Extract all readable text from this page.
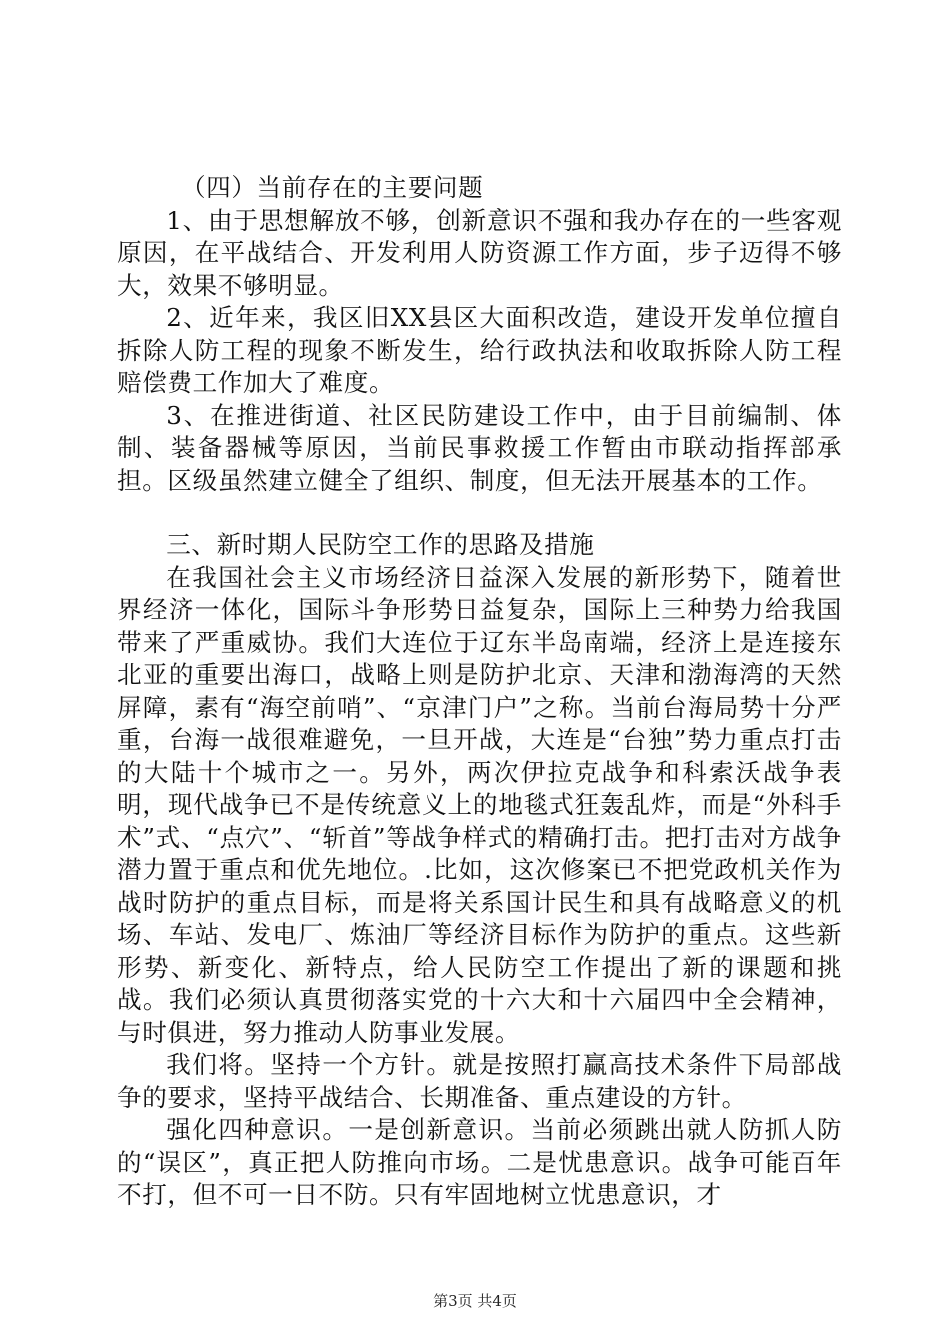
（四）当前存在的主要问题

1、由于思想解放不够，创新意识不强和我办存在的一些客观原因，在平战结合、开发利用人防资源工作方面，步子迈得不够大，效果不够明显。

2、近年来，我区旧XX县区大面积改造，建设开发单位擅自拆除人防工程的现象不断发生，给行政执法和收取拆除人防工程赔偿费工作加大了难度。

3、在推进街道、社区民防建设工作中，由于目前编制、体制、装备器械等原因，当前民事救援工作暂由市联动指挥部承担。区级虽然建立健全了组织、制度，但无法开展基本的工作。

三、新时期人民防空工作的思路及措施

在我国社会主义市场经济日益深入发展的新形势下，随着世界经济一体化，国际斗争形势日益复杂，国际上三种势力给我国带来了严重威协。我们大连位于辽东半岛南端，经济上是连接东北亚的重要出海口，战略上则是防护北京、天津和渤海湾的天然屏障，素有“海空前哨”、“京津门户”之称。当前台海局势十分严重，台海一战很难避免，一旦开战，大连是“台独”势力重点打击的大陆十个城市之一。另外，两次伊拉克战争和科索沃战争表明，现代战争已不是传统意义上的地毯式狂轰乱炸，而是“外科手术”式、“点穴”、“斩首”等战争样式的精确打击。把打击对方战争潜力置于重点和优先地位。.比如，这次修案已不把党政机关作为战时防护的重点目标，而是将关系国计民生和具有战略意义的机场、车站、发电厂、炼油厂等经济目标作为防护的重点。这些新形势、新变化、新特点，给人民防空工作提出了新的课题和挑战。我们必须认真贯彻落实党的十六大和十六届四中全会精神，与时俱进，努力推动人防事业发展。

我们将。坚持一个方针。就是按照打赢高技术条件下局部战争的要求，坚持平战结合、长期准备、重点建设的方针。

强化四种意识。一是创新意识。当前必须跳出就人防抓人防的“误区”，真正把人防推向市场。二是忧患意识。战争可能百年不打，但不可一日不防。只有牢固地树立忧患意识，才

第3页 共4页
